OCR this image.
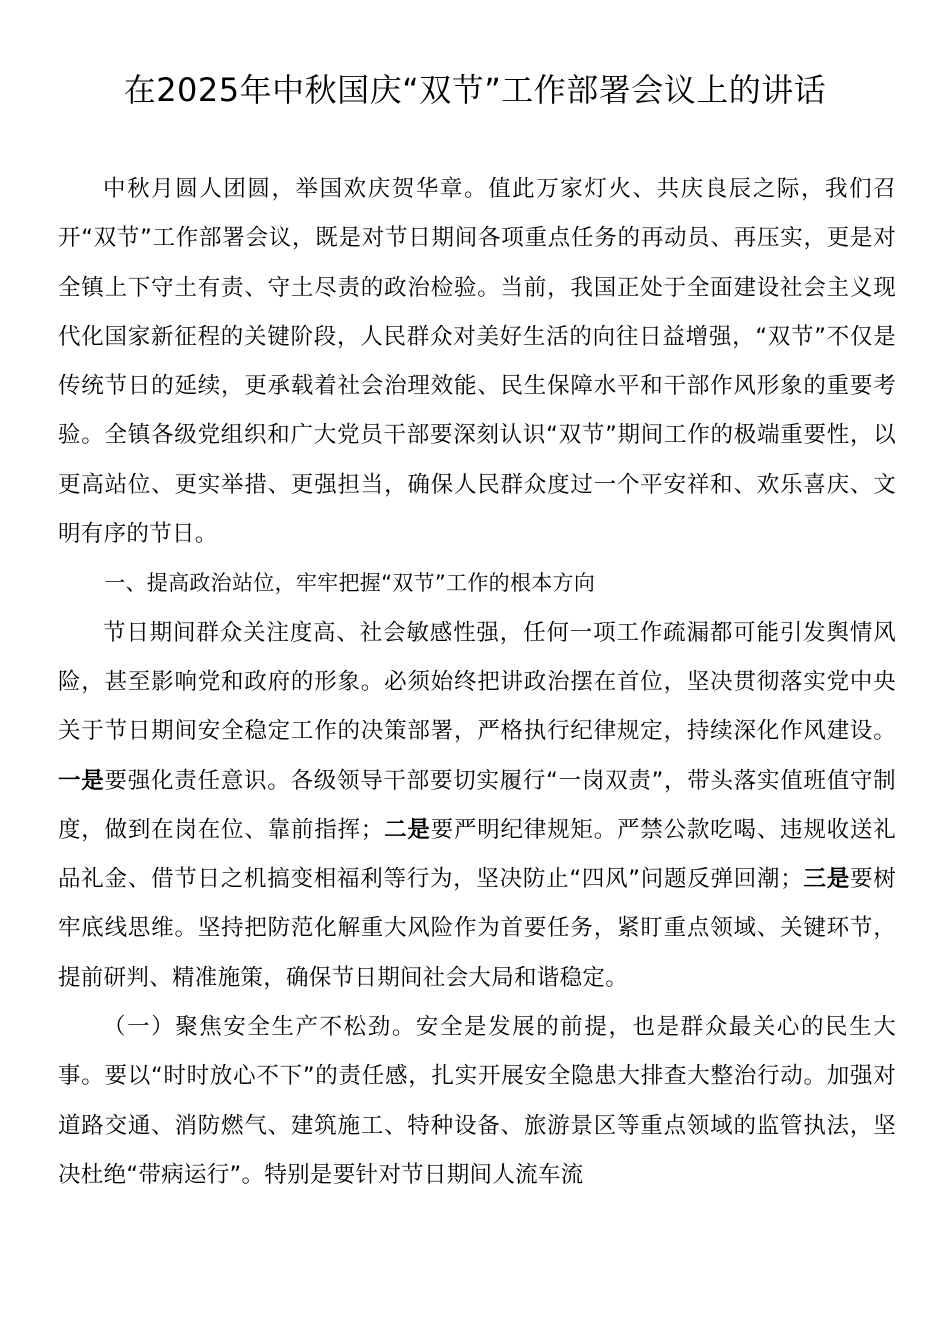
在2025年中秋国庆“双节”工作部署会议上的讲话

中秋月圆人团圆，举国欢庆贺华章。值此万家灯火、共庆良辰之际，我们召开“双节”工作部署会议，既是对节日期间各项重点任务的再动员、再压实，更是对全镇上下守土有责、守土尽责的政治检验。当前，我国正处于全面建设社会主义现代化国家新征程的关键阶段，人民群众对美好生活的向往日益增强，“双节”不仅是传统节日的延续，更承载着社会治理效能、民生保障水平和干部作风形象的重要考验。全镇各级党组织和广大党员干部要深刻认识“双节”期间工作的极端重要性，以更高站位、更实举措、更强担当，确保人民群众度过一个平安祥和、欢乐喜庆、文明有序的节日。

一、提高政治站位，牢牢把握“双节”工作的根本方向

节日期间群众关注度高、社会敏感性强，任何一项工作疏漏都可能引发舆情风险，甚至影响党和政府的形象。必须始终把讲政治摆在首位，坚决贯彻落实党中央关于节日期间安全稳定工作的决策部署，严格执行纪律规定，持续深化作风建设。一是要强化责任意识。各级领导干部要切实履行“一岗双责”，带头落实值班值守制度，做到在岗在位、靠前指挥；二是要严明纪律规矩。严禁公款吃喝、违规收送礼品礼金、借节日之机搞变相福利等行为，坚决防止“四风”问题反弹回潮；三是要树牢底线思维。坚持把防范化解重大风险作为首要任务，紧盯重点领域、关键环节，提前研判、精准施策，确保节日期间社会大局和谐稳定。

（一）聚焦安全生产不松劲。安全是发展的前提，也是群众最关心的民生大事。要以“时时放心不下”的责任感，扎实开展安全隐患大排查大整治行动。加强对道路交通、消防燃气、建筑施工、特种设备、旅游景区等重点领域的监管执法，坚决杜绝“带病运行”。特别是要针对节日期间人流车流
